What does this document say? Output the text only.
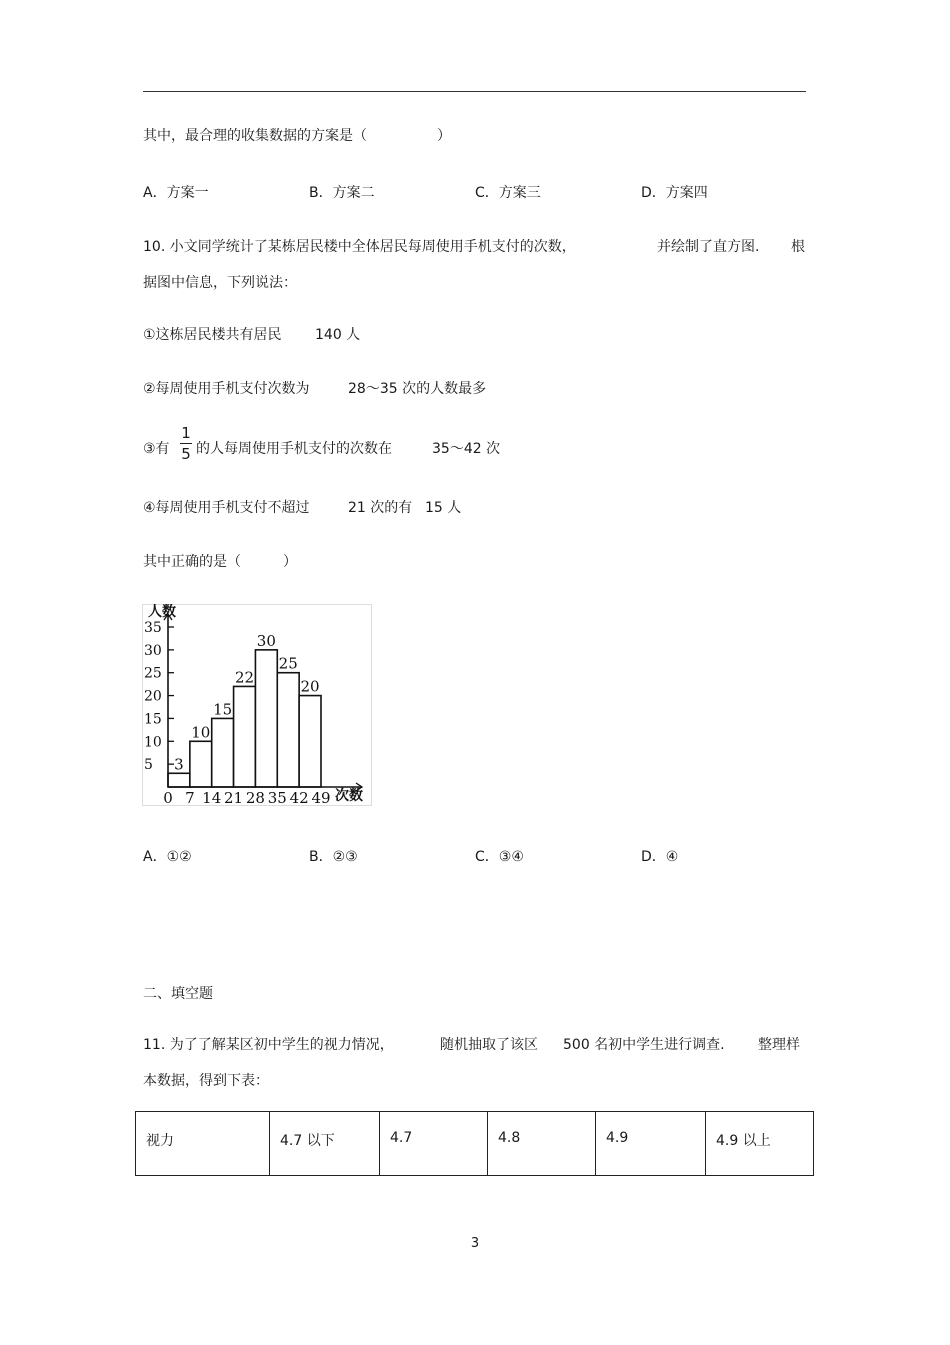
其中，最合理的收集数据的方案是（　　　　　）
A．方案一	B．方案二	C．方案三	D．方案四
10. 小文同学统计了某栋居民楼中全体居民每周使用手机支付的次数，	并绘制了直方图. 根
据图中信息，下列说法：
①这栋居民楼共有居民 140 人
②每周使用手机支付次数为	28～35 次的人数最多
③有
1
5 的人每周使用手机支付的次数在	35～42 次
④每周使用手机支付不超过	21 次的有 15 人
其中正确的是（　　　）
3
10
15
22
30
25
20
5
10
15
20
25
30
35
0 7 14 21 28 35 42 49
人数
次数
A．①②	B．②③	C．③④	D．④
二、填空题
11. 为了了解某区初中学生的视力情况，	随机抽取了该区 500 名初中学生进行调查. 整理样
本数据，得到下表：
视力	4.7 以下	4.7	4.8	4.9	4.9 以上
3
